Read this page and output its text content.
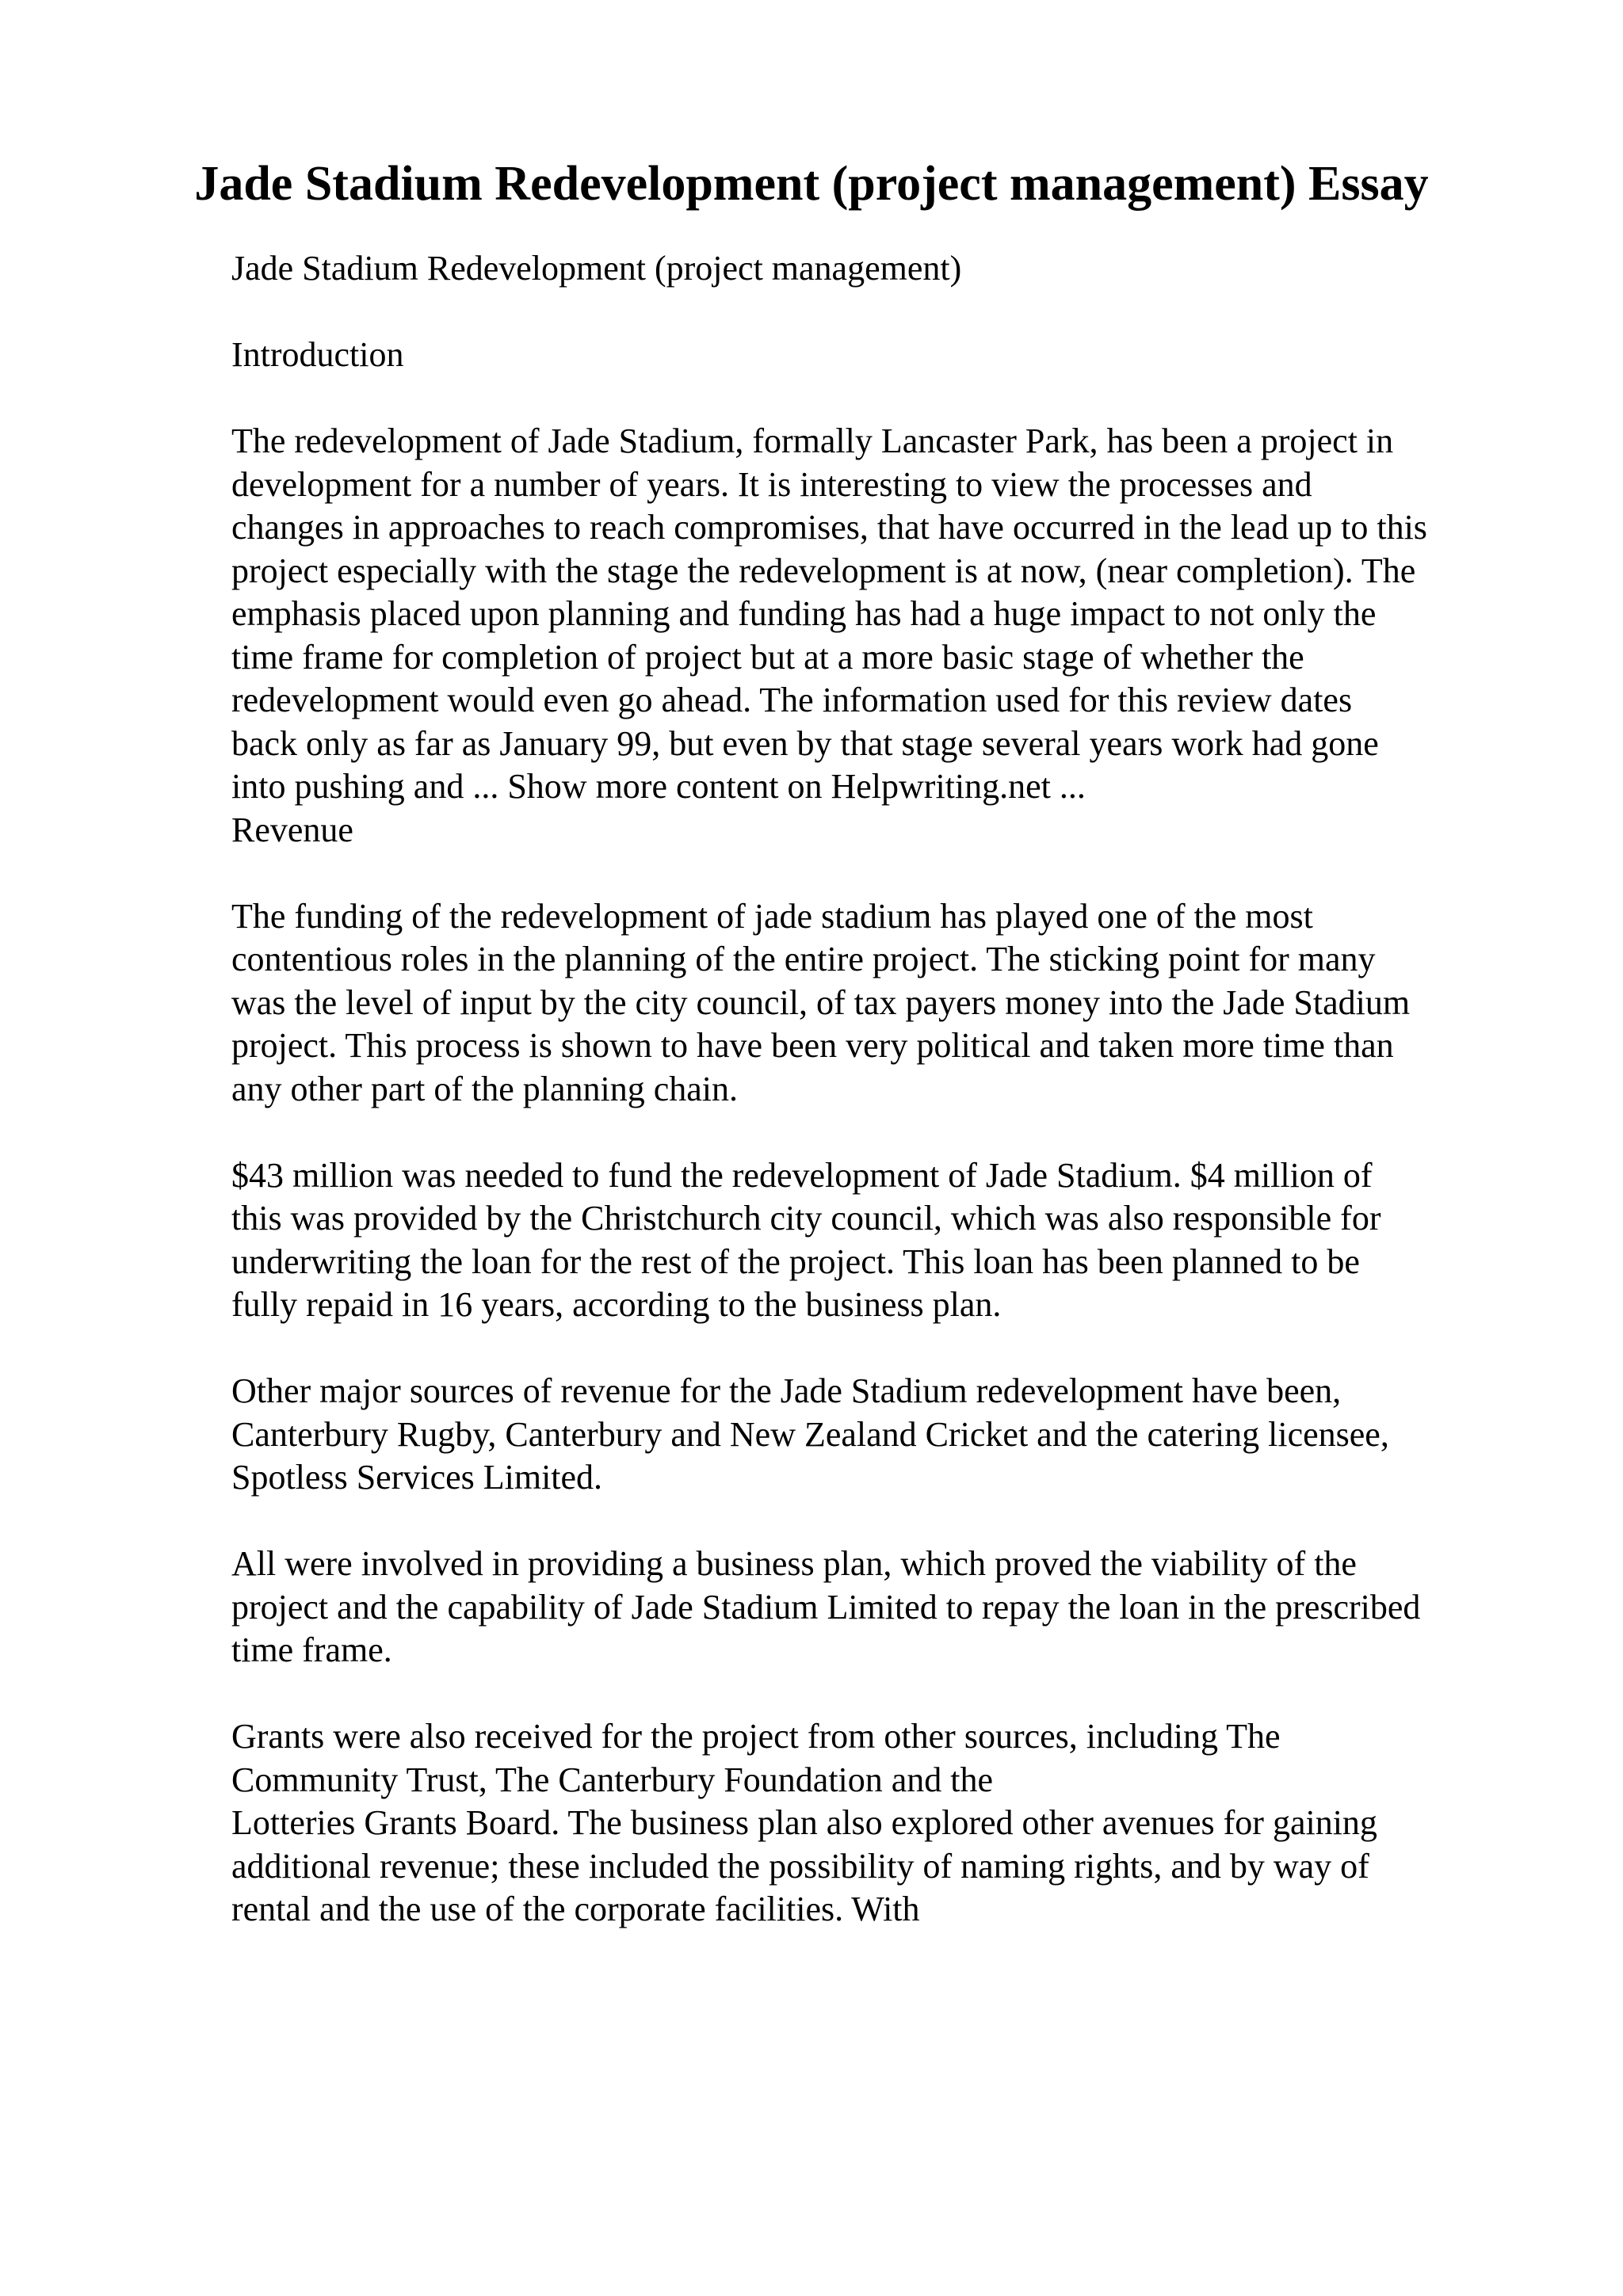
Jade Stadium Redevelopment (project management) Essay
Jade Stadium Redevelopment (project management)
Introduction
The redevelopment of Jade Stadium, formally Lancaster Park, has been a project in
development for a number of years. It is interesting to view the processes and
changes in approaches to reach compromises, that have occurred in the lead up to this
project especially with the stage the redevelopment is at now, (near completion). The
emphasis placed upon planning and funding has had a huge impact to not only the
time frame for completion of project but at a more basic stage of whether the
redevelopment would even go ahead. The information used for this review dates
back only as far as January 99, but even by that stage several years work had gone
into pushing and ... Show more content on Helpwriting.net ...
Revenue
The funding of the redevelopment of jade stadium has played one of the most
contentious roles in the planning of the entire project. The sticking point for many
was the level of input by the city council, of tax payers money into the Jade Stadium
project. This process is shown to have been very political and taken more time than
any other part of the planning chain.
$43 million was needed to fund the redevelopment of Jade Stadium. $4 million of
this was provided by the Christchurch city council, which was also responsible for
underwriting the loan for the rest of the project. This loan has been planned to be
fully repaid in 16 years, according to the business plan.
Other major sources of revenue for the Jade Stadium redevelopment have been,
Canterbury Rugby, Canterbury and New Zealand Cricket and the catering licensee,
Spotless Services Limited.
All were involved in providing a business plan, which proved the viability of the
project and the capability of Jade Stadium Limited to repay the loan in the prescribed
time frame.
Grants were also received for the project from other sources, including The
Community Trust, The Canterbury Foundation and the
Lotteries Grants Board. The business plan also explored other avenues for gaining
additional revenue; these included the possibility of naming rights, and by way of
rental and the use of the corporate facilities. With
